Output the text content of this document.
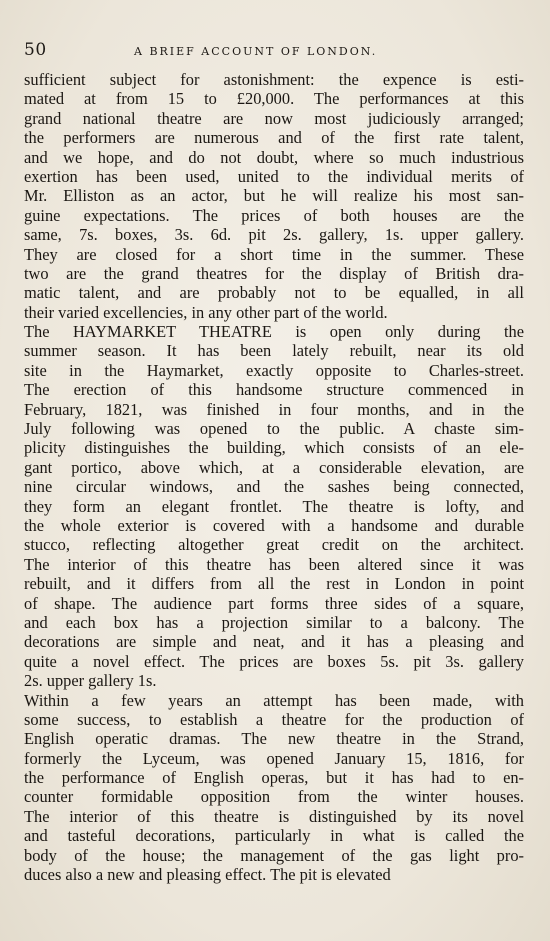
50	A BRIEF ACCOUNT OF LONDON.
sufficient subject for astonishment: the expence is esti-
mated at from 15 to £20,000. The performances at this
grand national theatre are now most judiciously arranged;
the performers are numerous and of the first rate talent,
and we hope, and do not doubt, where so much industrious
exertion has been used, united to the individual merits of
Mr. Elliston as an actor, but he will realize his most san-
guine expectations. The prices of both houses are the
same, 7s. boxes, 3s. 6d. pit 2s. gallery, 1s. upper gallery.
They are closed for a short time in the summer. These
two are the grand theatres for the display of British dra-
matic talent, and are probably not to be equalled, in all
their varied excellencies, in any other part of the world.
The HAYMARKET THEATRE is open only during the
summer season. It has been lately rebuilt, near its old
site in the Haymarket, exactly opposite to Charles-street.
The erection of this handsome structure commenced in
February, 1821, was finished in four months, and in the
July following was opened to the public. A chaste sim-
plicity distinguishes the building, which consists of an ele-
gant portico, above which, at a considerable elevation, are
nine circular windows, and the sashes being connected,
they form an elegant frontlet. The theatre is lofty, and
the whole exterior is covered with a handsome and durable
stucco, reflecting altogether great credit on the architect.
The interior of this theatre has been altered since it was
rebuilt, and it differs from all the rest in London in point
of shape. The audience part forms three sides of a square,
and each box has a projection similar to a balcony. The
decorations are simple and neat, and it has a pleasing and
quite a novel effect. The prices are boxes 5s. pit 3s. gallery
2s. upper gallery 1s.
Within a few years an attempt has been made, with
some success, to establish a theatre for the production of
English operatic dramas. The new theatre in the Strand,
formerly the Lyceum, was opened January 15, 1816, for
the performance of English operas, but it has had to en-
counter formidable opposition from the winter houses.
The interior of this theatre is distinguished by its novel
and tasteful decorations, particularly in what is called the
body of the house; the management of the gas light pro-
duces also a new and pleasing effect. The pit is elevated
